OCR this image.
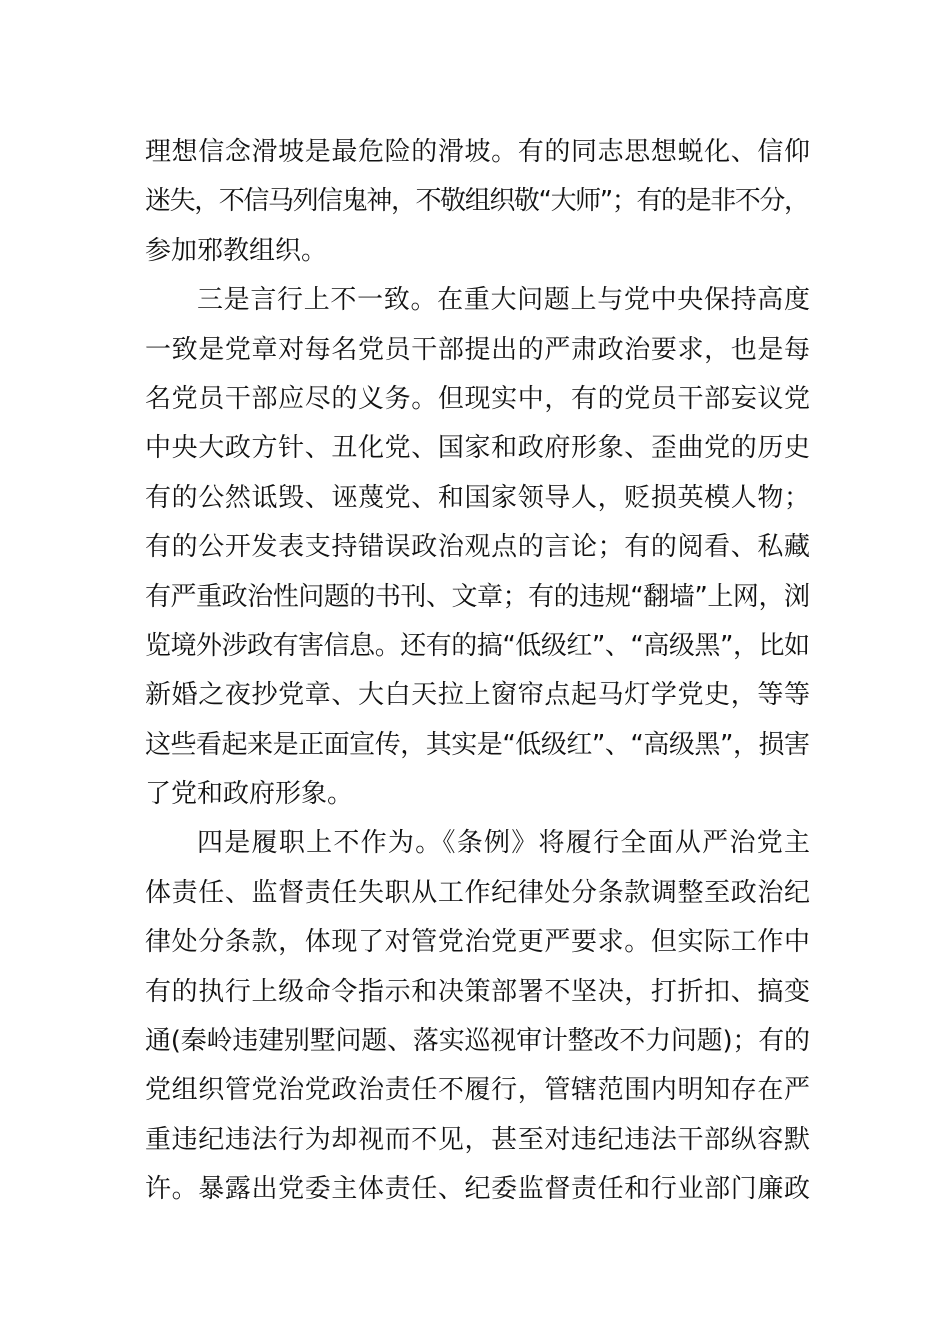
理想信念滑坡是最危险的滑坡。有的同志思想蜕化、信仰
迷失，不信马列信鬼神，不敬组织敬“大师”；有的是非不分，
参加邪教组织。
三是言行上不一致。在重大问题上与党中央保持高度
一致是党章对每名党员干部提出的严肃政治要求，也是每
名党员干部应尽的义务。但现实中，有的党员干部妄议党
中央大政方针、丑化党、国家和政府形象、歪曲党的历史
有的公然诋毁、诬蔑党、和国家领导人，贬损英模人物；
有的公开发表支持错误政治观点的言论；有的阅看、私藏
有严重政治性问题的书刊、文章；有的违规“翻墙”上网，浏
览境外涉政有害信息。还有的搞“低级红”、“高级黑”，比如
新婚之夜抄党章、大白天拉上窗帘点起马灯学党史，等等
这些看起来是正面宣传，其实是“低级红”、“高级黑”，损害
了党和政府形象。
四是履职上不作为。《条例》将履行全面从严治党主
体责任、监督责任失职从工作纪律处分条款调整至政治纪
律处分条款，体现了对管党治党更严要求。但实际工作中
有的执行上级命令指示和决策部署不坚决，打折扣、搞变
通(秦岭违建别墅问题、落实巡视审计整改不力问题)；有的
党组织管党治党政治责任不履行，管辖范围内明知存在严
重违纪违法行为却视而不见，甚至对违纪违法干部纵容默
许。暴露出党委主体责任、纪委监督责任和行业部门廉政
